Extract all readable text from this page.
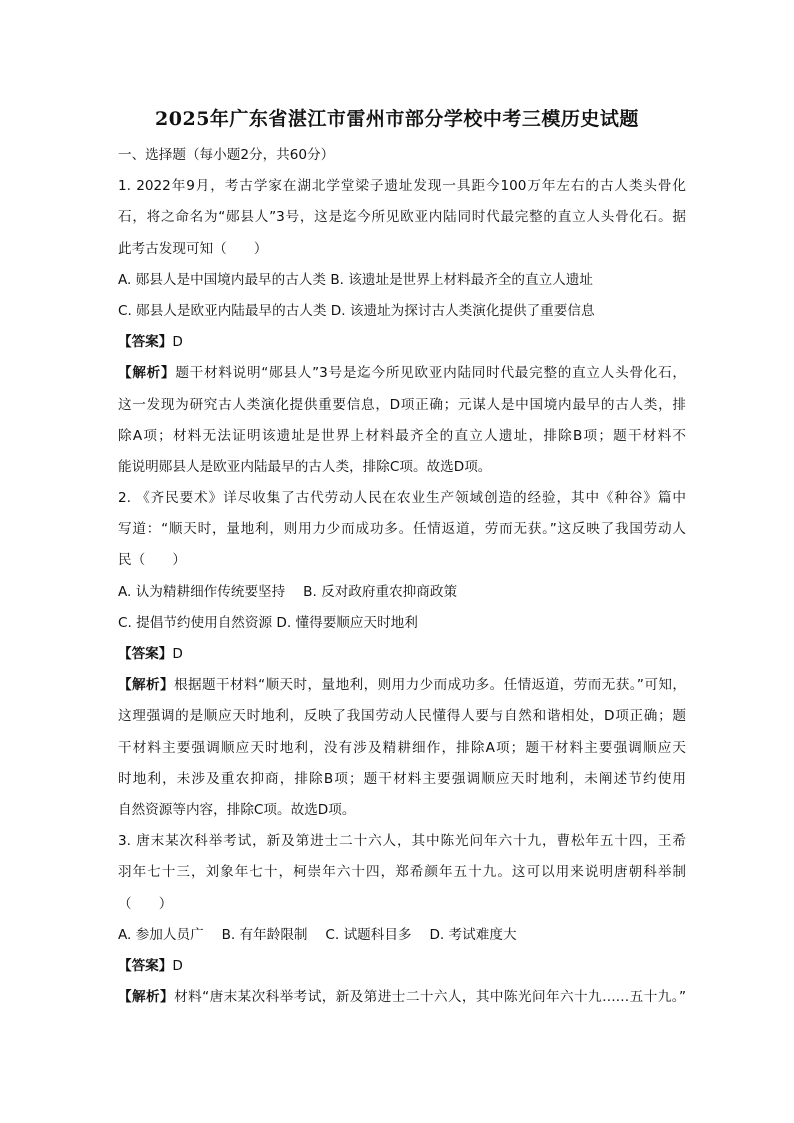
2025年广东省湛江市雷州市部分学校中考三模历史试题
一、选择题（每小题2分，共60分）
1. 2022年9月，考古学家在湖北学堂梁子遗址发现一具距今100万年左右的古人类头骨化
石，将之命名为“郧县人”3号，这是迄今所见欧亚内陆同时代最完整的直立人头骨化石。据
此考古发现可知（　　）
A. 郧县人是中国境内最早的古人类 B. 该遗址是世界上材料最齐全的直立人遗址
C. 郧县人是欧亚内陆最早的古人类 D. 该遗址为探讨古人类演化提供了重要信息
【答案】D
【解析】题干材料说明“郧县人”3号是迄今所见欧亚内陆同时代最完整的直立人头骨化石，
这一发现为研究古人类演化提供重要信息，D项正确；元谋人是中国境内最早的古人类，排
除A项；材料无法证明该遗址是世界上材料最齐全的直立人遗址，排除B项；题干材料不
能说明郧县人是欧亚内陆最早的古人类，排除C项。故选D项。
2. 《齐民要术》详尽收集了古代劳动人民在农业生产领域创造的经验，其中《种谷》篇中
写道：“顺天时，量地利，则用力少而成功多。任情返道，劳而无获。”这反映了我国劳动人
民（　　）
A. 认为精耕细作传统要坚持　 B. 反对政府重农抑商政策
C. 提倡节约使用自然资源 D. 懂得要顺应天时地利
【答案】D
【解析】根据题干材料“顺天时，量地利，则用力少而成功多。任情返道，劳而无获。”可知，
这理强调的是顺应天时地利，反映了我国劳动人民懂得人要与自然和谐相处，D项正确；题
干材料主要强调顺应天时地利，没有涉及精耕细作，排除A项；题干材料主要强调顺应天
时地利，未涉及重农抑商，排除B项；题干材料主要强调顺应天时地利，未阐述节约使用
自然资源等内容，排除C项。故选D项。
3. 唐末某次科举考试，新及第进士二十六人，其中陈光问年六十九，曹松年五十四，王希
羽年七十三，刘象年七十，柯崇年六十四，郑希颜年五十九。这可以用来说明唐朝科举制
（　　）
A. 参加人员广　 B. 有年龄限制　 C. 试题科目多　 D. 考试难度大
【答案】D
【解析】材料“唐末某次科举考试，新及第进士二十六人，其中陈光问年六十九……五十九。”
